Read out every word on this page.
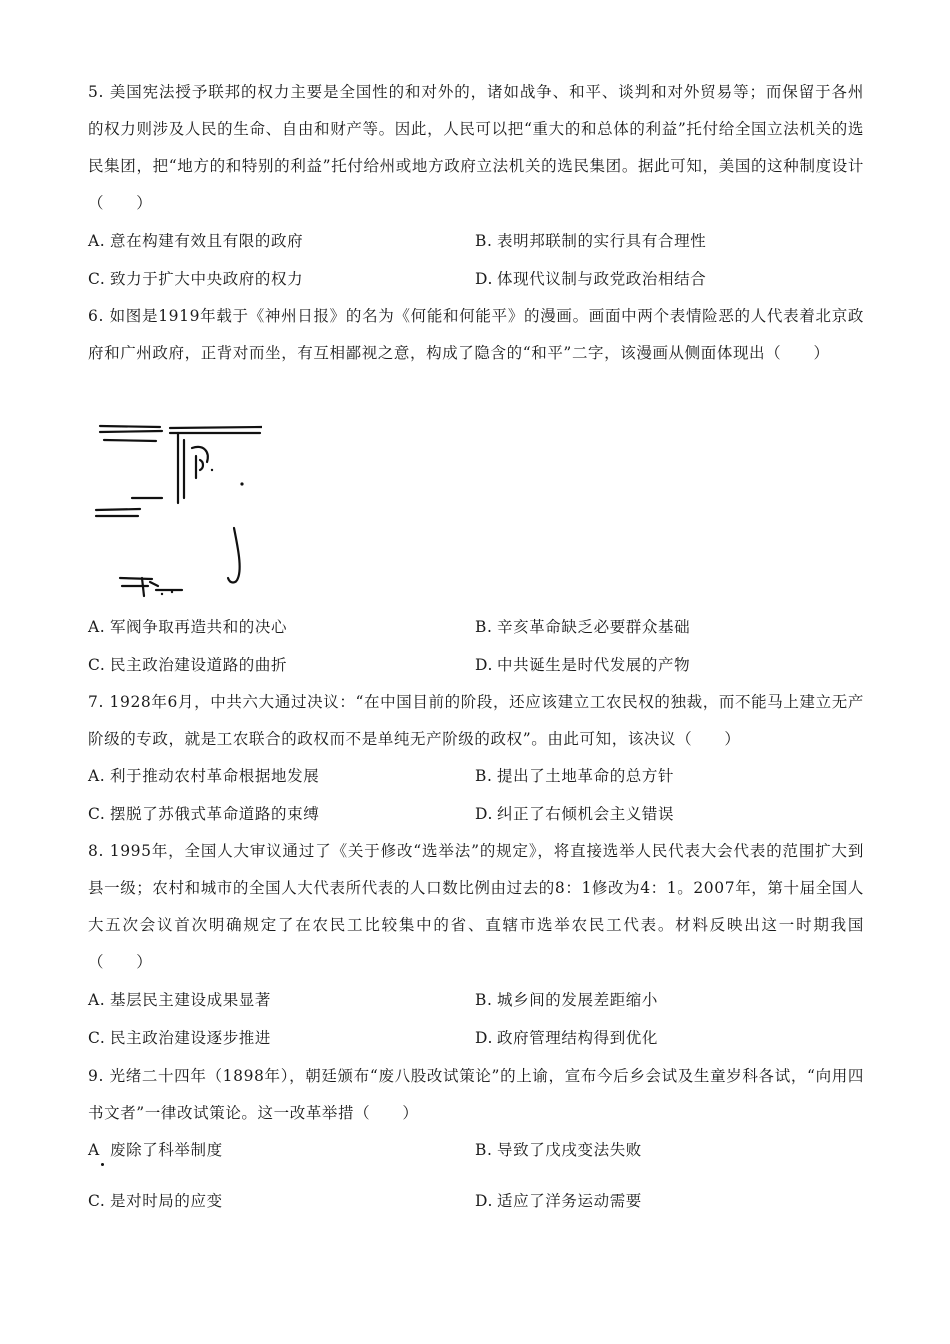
5. 美国宪法授予联邦的权力主要是全国性的和对外的，诸如战争、和平、谈判和对外贸易等；而保留于各州的权力则涉及人民的生命、自由和财产等。因此，人民可以把“重大的和总体的利益”托付给全国立法机关的选民集团，把“地方的和特别的利益”托付给州或地方政府立法机关的选民集团。据此可知，美国的这种制度设计（　　）
A. 意在构建有效且有限的政府	B. 表明邦联制的实行具有合理性
C. 致力于扩大中央政府的权力	D. 体现代议制与政党政治相结合
6. 如图是1919年载于《神州日报》的名为《何能和何能平》的漫画。画面中两个表情险恶的人代表着北京政府和广州政府，正背对而坐，有互相鄙视之意，构成了隐含的“和平”二字，该漫画从侧面体现出（　　）
A. 军阀争取再造共和的决心	B. 辛亥革命缺乏必要群众基础
C. 民主政治建设道路的曲折	D. 中共诞生是时代发展的产物
7. 1928年6月，中共六大通过决议：“在中国目前的阶段，还应该建立工农民权的独裁，而不能马上建立无产阶级的专政，就是工农联合的政权而不是单纯无产阶级的政权”。由此可知，该决议（　　）
A. 利于推动农村革命根据地发展	B. 提出了土地革命的总方针
C. 摆脱了苏俄式革命道路的束缚	D. 纠正了右倾机会主义错误
8. 1995年，全国人大审议通过了《关于修改“选举法”的规定》，将直接选举人民代表大会代表的范围扩大到县一级；农村和城市的全国人大代表所代表的人口数比例由过去的8：1修改为4：1。2007年，第十届全国人大五次会议首次明确规定了在农民工比较集中的省、直辖市选举农民工代表。材料反映出这一时期我国（　　）
A. 基层民主建设成果显著	B. 城乡间的发展差距缩小
C. 民主政治建设逐步推进	D. 政府管理结构得到优化
9. 光绪二十四年（1898年），朝廷颁布“废八股改试策论”的上谕，宣布今后乡会试及生童岁科各试，“向用四书文者”一律改试策论。这一改革举措（　　）
A 废除了科举制度	B. 导致了戊戌变法失败
C. 是对时局的应变	D. 适应了洋务运动需要
